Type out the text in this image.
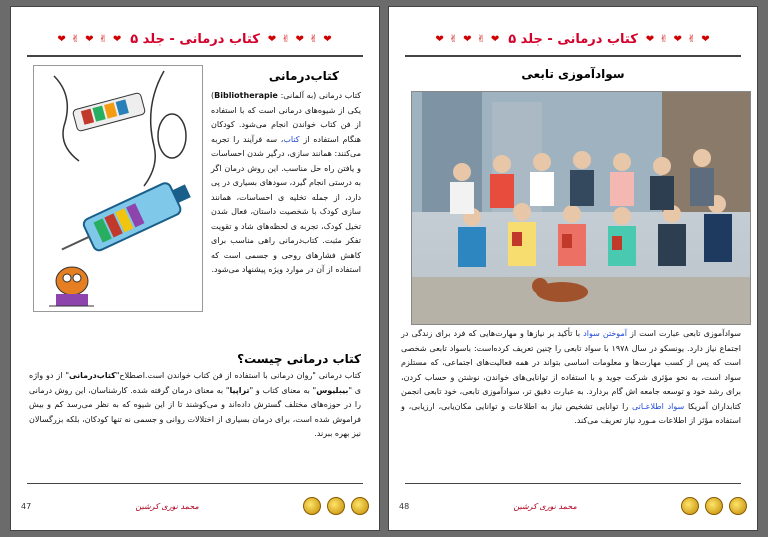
❤ ✌ ❤ ✌ ❤
کتاب درمانی - جلد ۵
❤ ✌ ❤ ✌ ❤
کتاب‌درمانی

کتاب درمانی (به آلمانی: Bibliotherapie) یکی از شیوه‌های درمانی است که با استفاده از فن کتاب خواندن انجام می‌شود. کودکان هنگام استفاده از کتاب، سه فرآیند را تجربه می‌کنند: همانند سازی، درگیر شدن احساسات و یافتن راه حل مناسب. این روش درمان اگر به درستی انجام گیرد، سودهای بسیاری در پی دارد، از جمله تخلیه ی احساسات، همانند سازی کودک با شخصیت داستان، فعال شدن تخیل کودک، تجربه ی لحظه‌های شاد و تقویت تفکر مثبت. کتاب‌درمانی راهی مناسب برای کاهش فشارهای روحی و جسمی است که استفاده از آن در موارد ویژه پیشنهاد می‌شود.

کتاب درمانی چیست؟

کتاب درمانی "روان درمانی با استفاده از فن کتاب خواندن است.اصطلاح"کتاب‌درمانی" از دو واژه ی "بیبلیوس" به معنای کتاب و "تراپیا" به معنای درمان گرفته شده. کارشناسان، این روش درمانی را در حوزه‌های مختلف گسترش داده‌اند و می‌کوشند تا از این شیوه که به نظر می‌رسد کم و بیش فراموش شده است، برای درمان بسیاری از اختلالات روانی و جسمی نه تنها کودکان، بلکه بزرگسالان نیز بهره ببرند.

47	محمد نوری کرشین
❤ ✌ ❤ ✌ ❤
کتاب درمانی - جلد ۵
❤ ✌ ❤ ✌ ❤
سوادآموزی تابعی

سوادآموزی تابعی عبارت است از آموختن سواد با تأکید بر نیازها و مهارت‌هایی که فرد برای زندگی در اجتماع نیاز دارد. یونسکو در سال ۱۹۷۸ با سواد تابعی را چنین تعریف کرده‌است: باسواد تابعی شخصی است که پس از کسب مهارت‌ها و معلومات اساسی بتواند در همه فعالیت‌های اجتماعی، که مستلزم سواد است، به نحو مؤثری شرکت جوید و با استفاده از توانایی‌های خواندن، نوشتن و حساب کردن، برای رشد خود و توسعه جامعه اش گام بردارد. به عبارت دقیق تر، سوادآموزی تابعی، خود تابعی انجمن کتابداران آمریکا سواد اطلاعـاتی را توانایی تشخیص نیاز به اطلاعات و توانایی مکان‌یابی، ارزیابی، و استفاده مؤثر از اطلاعات مـورد نیاز تعریف می‌کند.

48	محمد نوری کرشین
